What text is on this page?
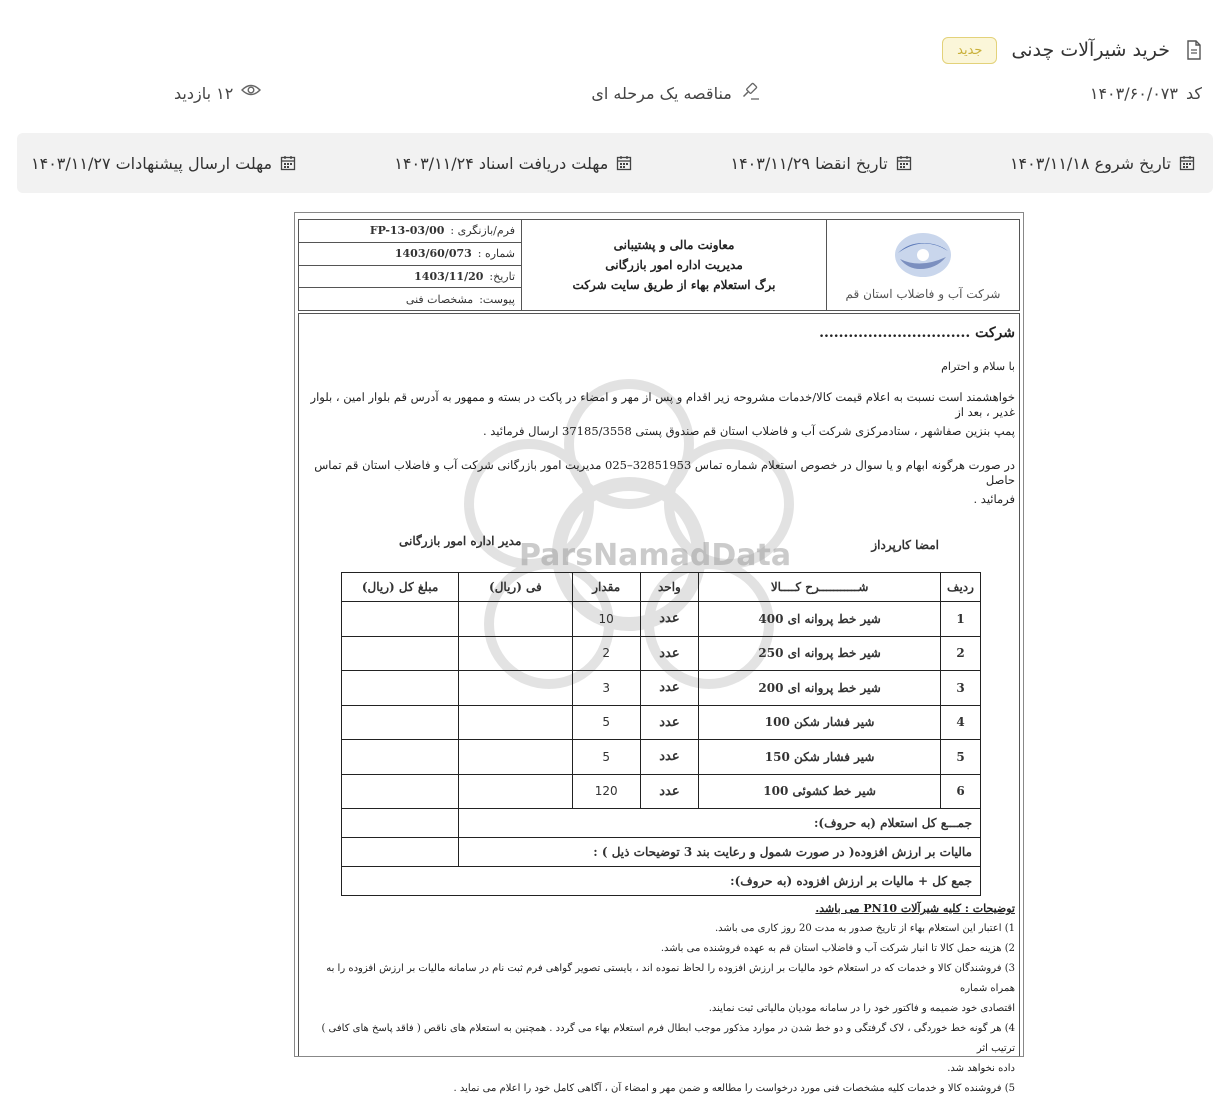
خرید شیرآلات چدنی
جدید
کد
۱۴۰۳/۶۰/۰۷۳
مناقصه یک مرحله ای
۱۲ بازدید
تاریخ شروع ۱۴۰۳/۱۱/۱۸
تاریخ انقضا ۱۴۰۳/۱۱/۲۹
مهلت دریافت اسناد ۱۴۰۳/۱۱/۲۴
مهلت ارسال پیشنهادات ۱۴۰۳/۱۱/۲۷
شرکت آب و فاضلاب استان قم
معاونت مالی و پشتیبانی
مدیریت اداره امور بازرگانی
برگ استعلام بهاء از طریق سایت شرکت
فرم/بازنگری :
FP-13-03/00
شماره :
1403/60/073
تاریخ:
1403/11/20
پیوست:
مشخصات فنی
ParsNamadData
شرکت ...............................
با سلام و احترام
خواهشمند است نسبت به اعلام قیمت کالا/خدمات مشروحه زیر اقدام و پس از مهر و امضاء در پاکت در بسته و ممهور به آدرس قم بلوار امین ، بلوار غدیر ، بعد از
پمپ بنزین صفاشهر ، ستادمرکزی شرکت آب و فاضلاب استان قم صندوق پستی 37185/3558 ارسال فرمائید .
در صورت هرگونه ابهام و یا سوال در خصوص استعلام شماره تماس 32851953–025 مدیریت امور بازرگانی شرکت آب و فاضلاب استان قم تماس حاصل
فرمائید .
امضا کارپرداز
مدیر اداره امور بازرگانی
ردیف	شـــــــــــرح کــــالا	واحد	مقدار	فی (ریال)	مبلغ کل (ریال)
1	شیر خط پروانه ای 400	عدد	10		
2	شیر خط پروانه ای 250	عدد	2		
3	شیر خط پروانه ای 200	عدد	3		
4	شیر فشار شکن 100	عدد	5		
5	شیر فشار شکن 150	عدد	5		
6	شیر خط کشوئی 100	عدد	120		
جمـــع کل استعلام (به حروف):					
مالیات بر ارزش افزوده( در صورت شمول و رعایت بند 3 توضیحات ذیل ) :					
جمع کل + مالیات بر ارزش افزوده (به حروف):					
توضیحات : کلیه شیرآلات PN10 می باشد.
1) اعتبار این استعلام بهاء از تاریخ صدور به مدت 20 روز کاری می باشد.
2) هزینه حمل کالا تا انبار شرکت آب و فاضلاب استان قم به عهده فروشنده می باشد.
3) فروشندگان کالا و خدمات که در استعلام خود مالیات بر ارزش افزوده را لحاظ نموده اند ، بایستی تصویر گواهی فرم ثبت نام در سامانه مالیات بر ارزش افزوده را به همراه شماره
اقتصادی خود ضمیمه و فاکتور خود را در سامانه مودیان مالیاتی ثبت نمایند.
4) هر گونه خط خوردگی ، لاک گرفتگی و دو خط شدن در موارد مذکور موجب ابطال فرم استعلام بهاء می گردد . همچنین به استعلام های ناقص ( فاقد پاسخ های کافی ) ترتیب اثر
داده نخواهد شد.
5) فروشنده کالا و خدمات کلیه مشخصات فنی مورد درخواست را مطالعه و ضمن مهر و امضاء آن ، آگاهی کامل خود را اعلام می نماید .
